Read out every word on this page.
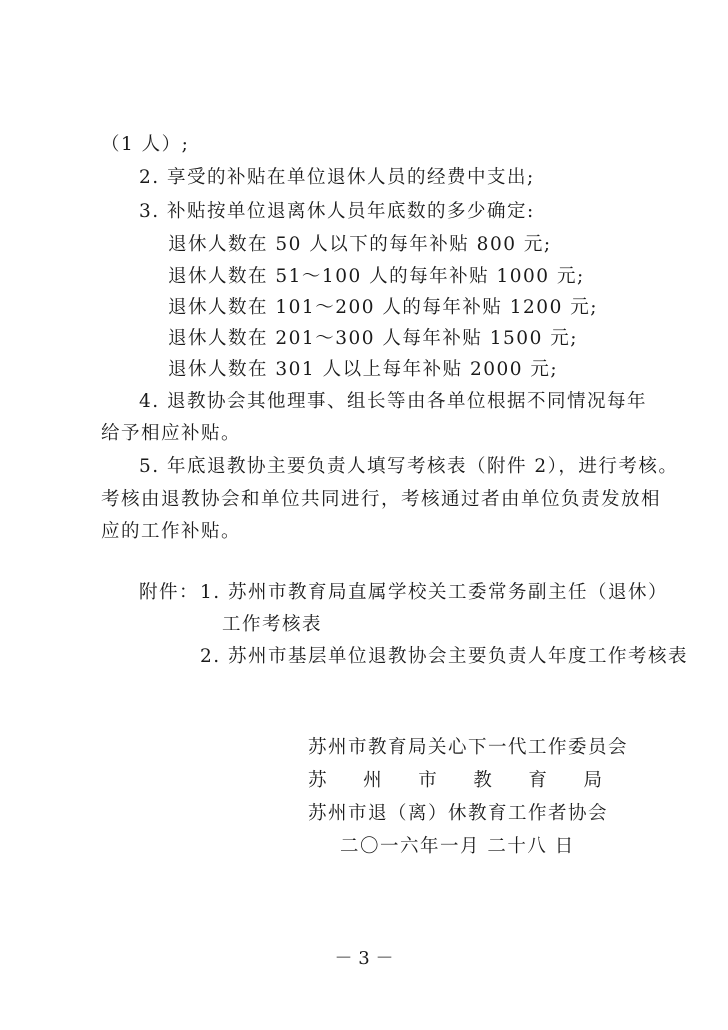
（1 人）;
2. 享受的补贴在单位退休人员的经费中支出;
3. 补贴按单位退离休人员年底数的多少确定:
退休人数在 50 人以下的每年补贴 800 元;
退休人数在 51～100 人的每年补贴 1000 元;
退休人数在 101～200 人的每年补贴 1200 元;
退休人数在 201～300 人每年补贴 1500 元;
退休人数在 301 人以上每年补贴 2000 元;
4. 退教协会其他理事、组长等由各单位根据不同情况每年
给予相应补贴。
5. 年底退教协主要负责人填写考核表（附件 2），进行考核。
考核由退教协会和单位共同进行，考核通过者由单位负责发放相
应的工作补贴。
附件： 1. 苏州市教育局直属学校关工委常务副主任（退休）
工作考核表
2. 苏州市基层单位退教协会主要负责人年度工作考核表
苏州市教育局关心下一代工作委员会
苏 州 市 教 育 局
苏州市退（离）休教育工作者协会
二〇一六年一月 二十八 日
－ 3 －
